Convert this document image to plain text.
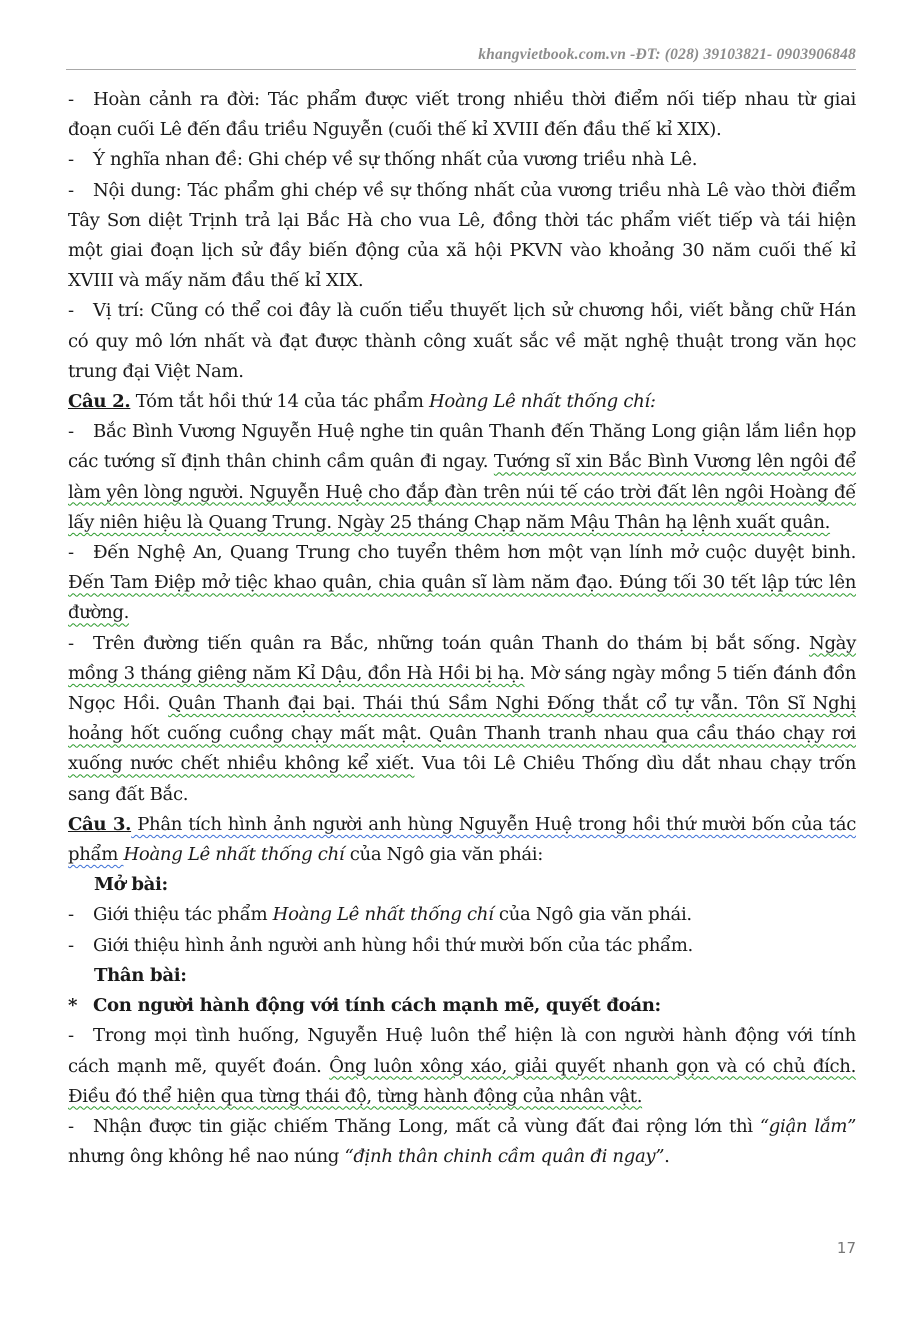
khangvietbook.com.vn -ĐT: (028) 39103821- 0903906848

- Hoàn cảnh ra đời: Tác phẩm được viết trong nhiều thời điểm nối tiếp nhau từ giai đoạn cuối Lê đến đầu triều Nguyễn (cuối thế kỉ XVIII đến đầu thế kỉ XIX).

- Ý nghĩa nhan đề: Ghi chép về sự thống nhất của vương triều nhà Lê.

- Nội dung: Tác phẩm ghi chép về sự thống nhất của vương triều nhà Lê vào thời điểm Tây Sơn diệt Trịnh trả lại Bắc Hà cho vua Lê, đồng thời tác phẩm viết tiếp và tái hiện một giai đoạn lịch sử đầy biến động của xã hội PKVN vào khoảng 30 năm cuối thế kỉ XVIII và mấy năm đầu thế kỉ XIX.

- Vị trí: Cũng có thể coi đây là cuốn tiểu thuyết lịch sử chương hồi, viết bằng chữ Hán có quy mô lớn nhất và đạt được thành công xuất sắc về mặt nghệ thuật trong văn học trung đại Việt Nam.

Câu 2. Tóm tắt hồi thứ 14 của tác phẩm Hoàng Lê nhất thống chí:

- Bắc Bình Vương Nguyễn Huệ nghe tin quân Thanh đến Thăng Long giận lắm liền họp các tướng sĩ định thân chinh cầm quân đi ngay. Tướng sĩ xin Bắc Bình Vương lên ngôi để làm yên lòng người. Nguyễn Huệ cho đắp đàn trên núi tế cáo trời đất lên ngôi Hoàng đế lấy niên hiệu là Quang Trung. Ngày 25 tháng Chạp năm Mậu Thân hạ lệnh xuất quân.

- Đến Nghệ An, Quang Trung cho tuyển thêm hơn một vạn lính mở cuộc duyệt binh. Đến Tam Điệp mở tiệc khao quân, chia quân sĩ làm năm đạo. Đúng tối 30 tết lập tức lên đường.

- Trên đường tiến quân ra Bắc, những toán quân Thanh do thám bị bắt sống. Ngày mồng 3 tháng giêng năm Kỉ Dậu, đồn Hà Hồi bị hạ. Mờ sáng ngày mồng 5 tiến đánh đồn Ngọc Hồi. Quân Thanh đại bại. Thái thú Sầm Nghi Đống thắt cổ tự vẫn. Tôn Sĩ Nghị hoảng hốt cuống cuồng chạy mất mật. Quân Thanh tranh nhau qua cầu tháo chạy rơi xuống nước chết nhiều không kể xiết. Vua tôi Lê Chiêu Thống dìu dắt nhau chạy trốn sang đất Bắc.

Câu 3. Phân tích hình ảnh người anh hùng Nguyễn Huệ trong hồi thứ mười bốn của tác phẩm Hoàng Lê nhất thống chí của Ngô gia văn phái:

Mở bài:

- Giới thiệu tác phẩm Hoàng Lê nhất thống chí của Ngô gia văn phái.

- Giới thiệu hình ảnh người anh hùng hồi thứ mười bốn của tác phẩm.

Thân bài:

* Con người hành động với tính cách mạnh mẽ, quyết đoán:

- Trong mọi tình huống, Nguyễn Huệ luôn thể hiện là con người hành động với tính cách mạnh mẽ, quyết đoán. Ông luôn xông xáo, giải quyết nhanh gọn và có chủ đích. Điều đó thể hiện qua từng thái độ, từng hành động của nhân vật.

- Nhận được tin giặc chiếm Thăng Long, mất cả vùng đất đai rộng lớn thì “giận lắm” nhưng ông không hề nao núng “định thân chinh cầm quân đi ngay”.

17
